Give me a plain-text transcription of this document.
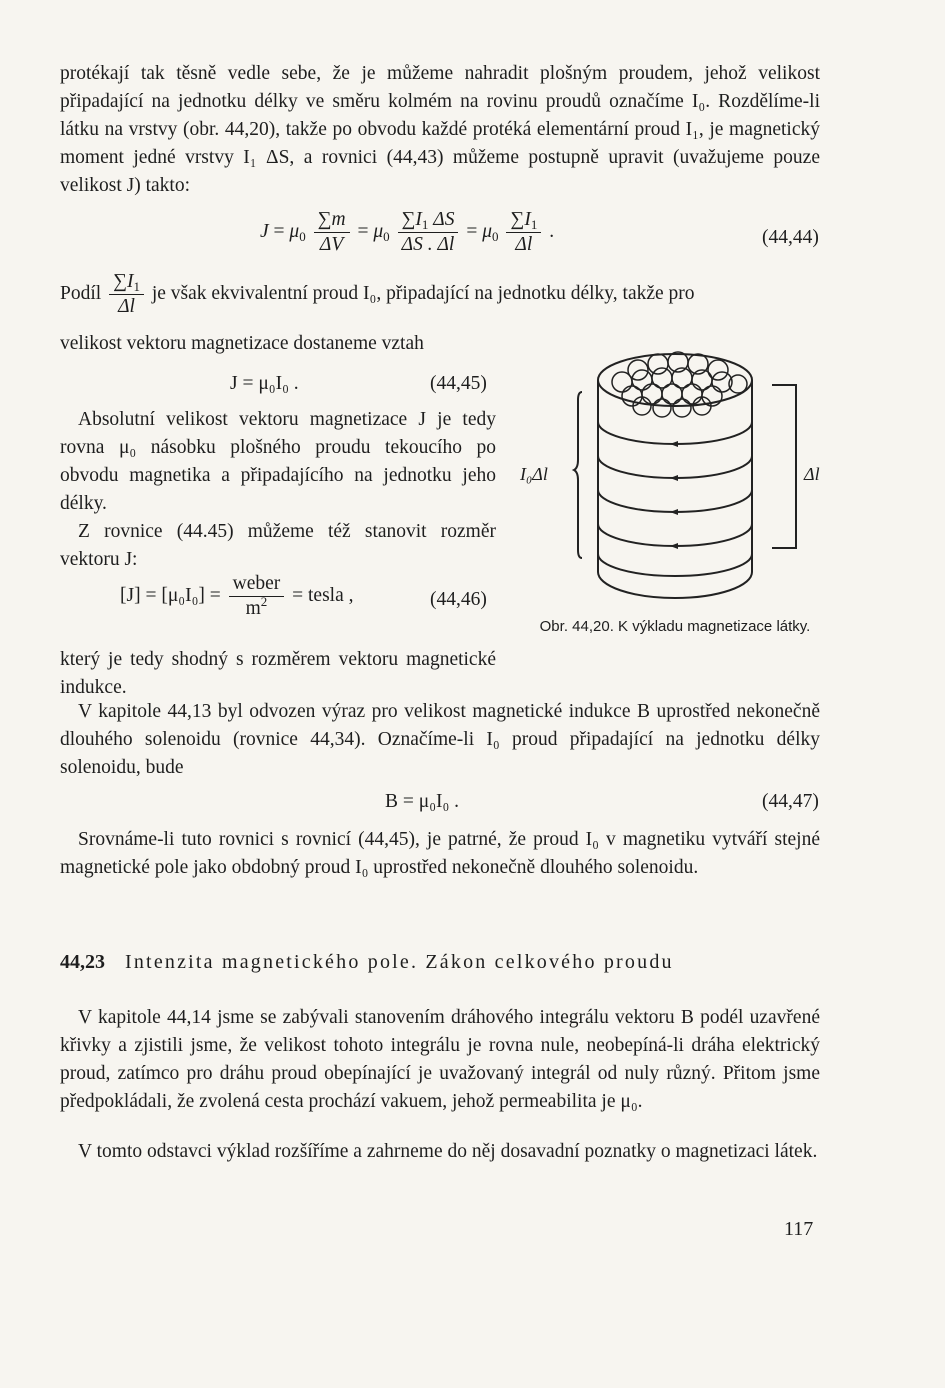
protékají tak těsně vedle sebe, že je můžeme nahradit plošným proudem, jehož velikost připadající na jednotku délky ve směru kolmém na rovinu proudů označíme I₀. Rozdělíme-li látku na vrstvy (obr. 44,20), takže po obvodu každé protéká elementární proud I₁, je magnetický moment jedné vrstvy I₁ ΔS, a rovnici (44,43) můžeme postupně upravit (uvažujeme pouze velikost J) takto:

$J = \mu_0 \frac{\sum m}{\Delta V} = \mu_0 \frac{\sum I_1 \Delta S}{\Delta S . \Delta l} = \mu_0 \frac{\sum I_1}{\Delta l}$ .	(44,44)
Podíl $\frac{\sum I_1}{\Delta l}$ je však ekvivalentní proud I₀, připadající na jednotku délky, takže pro

velikost vektoru magnetizace dostaneme vztah

J = μ₀I₀ .	(44,45)

Absolutní velikost vektoru magnetizace J je tedy rovna μ₀ násobku plošného proudu tekoucího po obvodu magnetika a připadajícího na jednotku jeho délky.

Z rovnice (44.45) můžeme též stanovit rozměr vektoru J:

$[J] = [\mu_0I_0] = \frac{\text{weber}}{m^2}$ = tesla ,	(44,46)

který je tedy shodný s rozměrem vektoru magnetické indukce.

V kapitole 44,13 byl odvozen výraz pro velikost magnetické indukce B uprostřed nekonečně dlouhého solenoidu (rovnice 44,34). Označíme-li I₀ proud připadající na jednotku délky solenoidu, bude

B = μ₀I₀ .	(44,47)

Srovnáme-li tuto rovnici s rovnicí (44,45), je patrné, že proud I₀ v magnetiku vytváří stejné magnetické pole jako obdobný proud I₀ uprostřed nekonečně dlouhého solenoidu.

44,23 Intenzita magnetického pole. Zákon celkového proudu

V kapitole 44,14 jsme se zabývali stanovením dráhového integrálu vektoru B podél uzavřené křivky a zjistili jsme, že velikost tohoto integrálu je rovna nule, neobepíná-li dráha elektrický proud, zatímco pro dráhu proud obepínající je uvažovaný integrál od nuly různý. Přitom jsme předpokládali, že zvolená cesta prochází vakuem, jehož permeabilita je μ₀.

V tomto odstavci výklad rozšíříme a zahrneme do něj dosavadní poznatky o magnetizaci látek.

I₀Δl	Δl
Obr. 44,20. K výkladu magnetizace látky.
117
